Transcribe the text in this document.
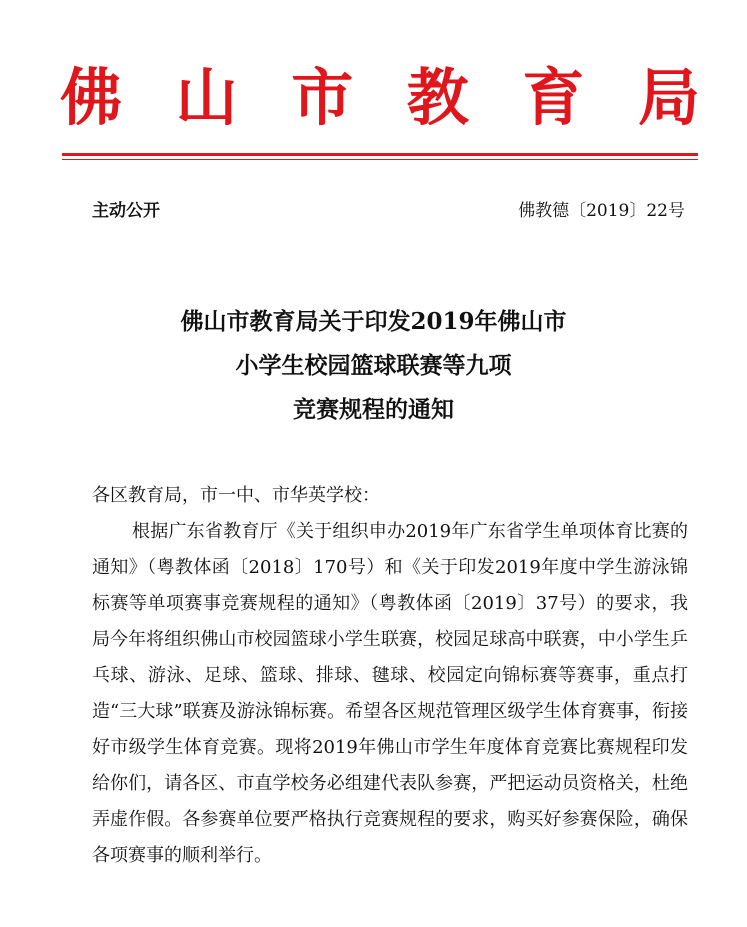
佛 山 市 教 育 局
主动公开	佛教德〔2019〕22号
佛山市教育局关于印发2019年佛山市
小学生校园篮球联赛等九项
竞赛规程的通知
各区教育局，市一中、市华英学校：
根据广东省教育厅《关于组织申办2019年广东省学生单项体育比赛的通知》（粤教体函〔2018〕170号）和《关于印发2019年度中学生游泳锦标赛等单项赛事竞赛规程的通知》（粤教体函〔2019〕37号）的要求，我局今年将组织佛山市校园篮球小学生联赛，校园足球高中联赛，中小学生乒乓球、游泳、足球、篮球、排球、毽球、校园定向锦标赛等赛事，重点打造“三大球”联赛及游泳锦标赛。希望各区规范管理区级学生体育赛事，衔接好市级学生体育竞赛。现将2019年佛山市学生年度体育竞赛比赛规程印发给你们，请各区、市直学校务必组建代表队参赛，严把运动员资格关，杜绝弄虚作假。各参赛单位要严格执行竞赛规程的要求，购买好参赛保险，确保各项赛事的顺利举行。
